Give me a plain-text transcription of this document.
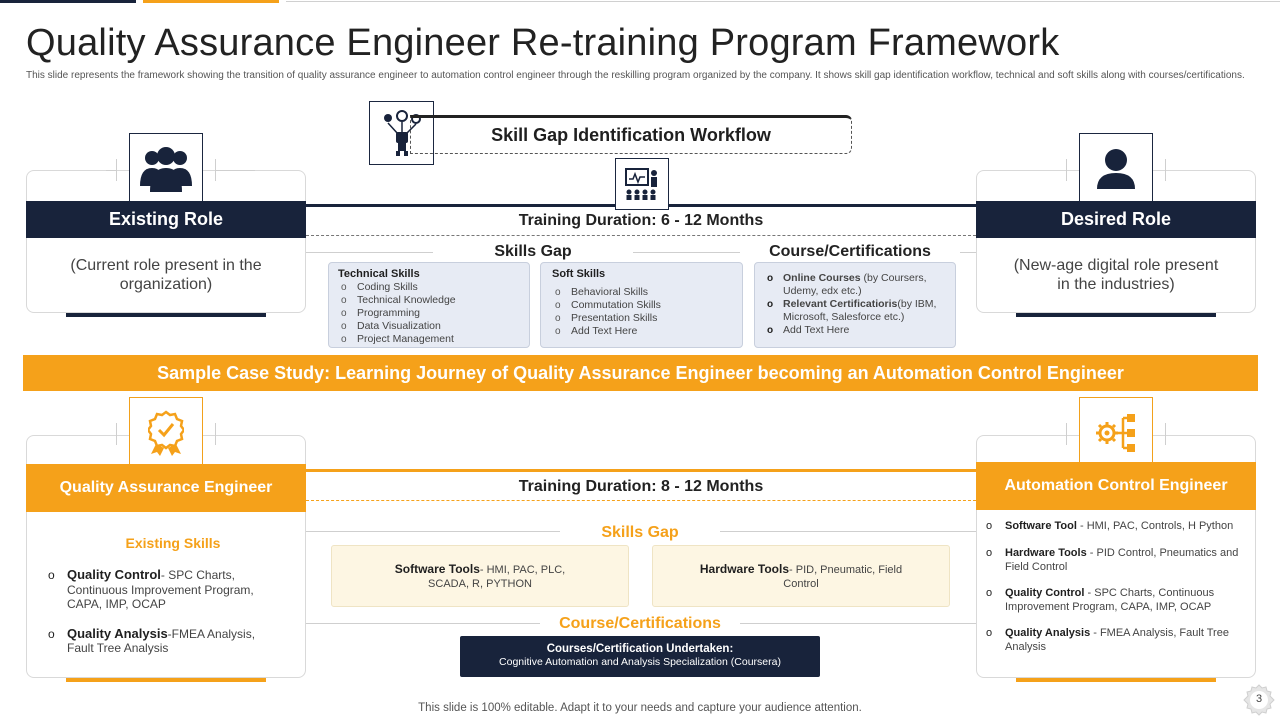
Quality Assurance Engineer Re-training Program Framework
This slide represents the framework showing the transition of quality assurance engineer to automation control engineer through the reskilling program organized by the company. It shows skill gap identification workflow, technical and soft skills along with courses/certifications.
Existing Role
(Current role present in the organization)
Desired Role
(New-age digital role present in the industries)
Skill Gap Identification Workflow
Training Duration: 6 - 12 Months
Skills Gap	Course/Certifications
Technical Skills
o Coding Skills
o Technical Knowledge
o Programming
o Data Visualization
o Project Management
Soft Skills
o Behavioral Skills
o Commutation Skills
o Presentation Skills
o Add Text Here
o Online Courses (by Coursers, Udemy, edx etc.)
o Relevant Certificatioris(by IBM, Microsoft, Salesforce etc.)
o Add Text Here
Sample Case Study: Learning Journey of Quality Assurance Engineer becoming an Automation Control Engineer
Quality Assurance Engineer
Existing Skills
o Quality Control- SPC Charts, Continuous Improvement Program, CAPA, IMP, OCAP
o Quality Analysis-FMEA Analysis, Fault Tree Analysis
Automation Control Engineer
o Software Tool - HMI, PAC, Controls, H Python
o Hardware Tools - PID Control, Pneumatics and Field Control
o Quality Control - SPC Charts, Continuous Improvement Program, CAPA, IMP, OCAP
o Quality Analysis - FMEA Analysis, Fault Tree Analysis
Training Duration: 8 - 12 Months
Skills Gap
Software Tools- HMI, PAC, PLC, SCADA, R, PYTHON
Hardware Tools- PID, Pneumatic, Field Control
Course/Certifications
Courses/Certification Undertaken:
Cognitive Automation and Analysis Specialization (Coursera)
This slide is 100% editable. Adapt it to your needs and capture your audience attention.
3
